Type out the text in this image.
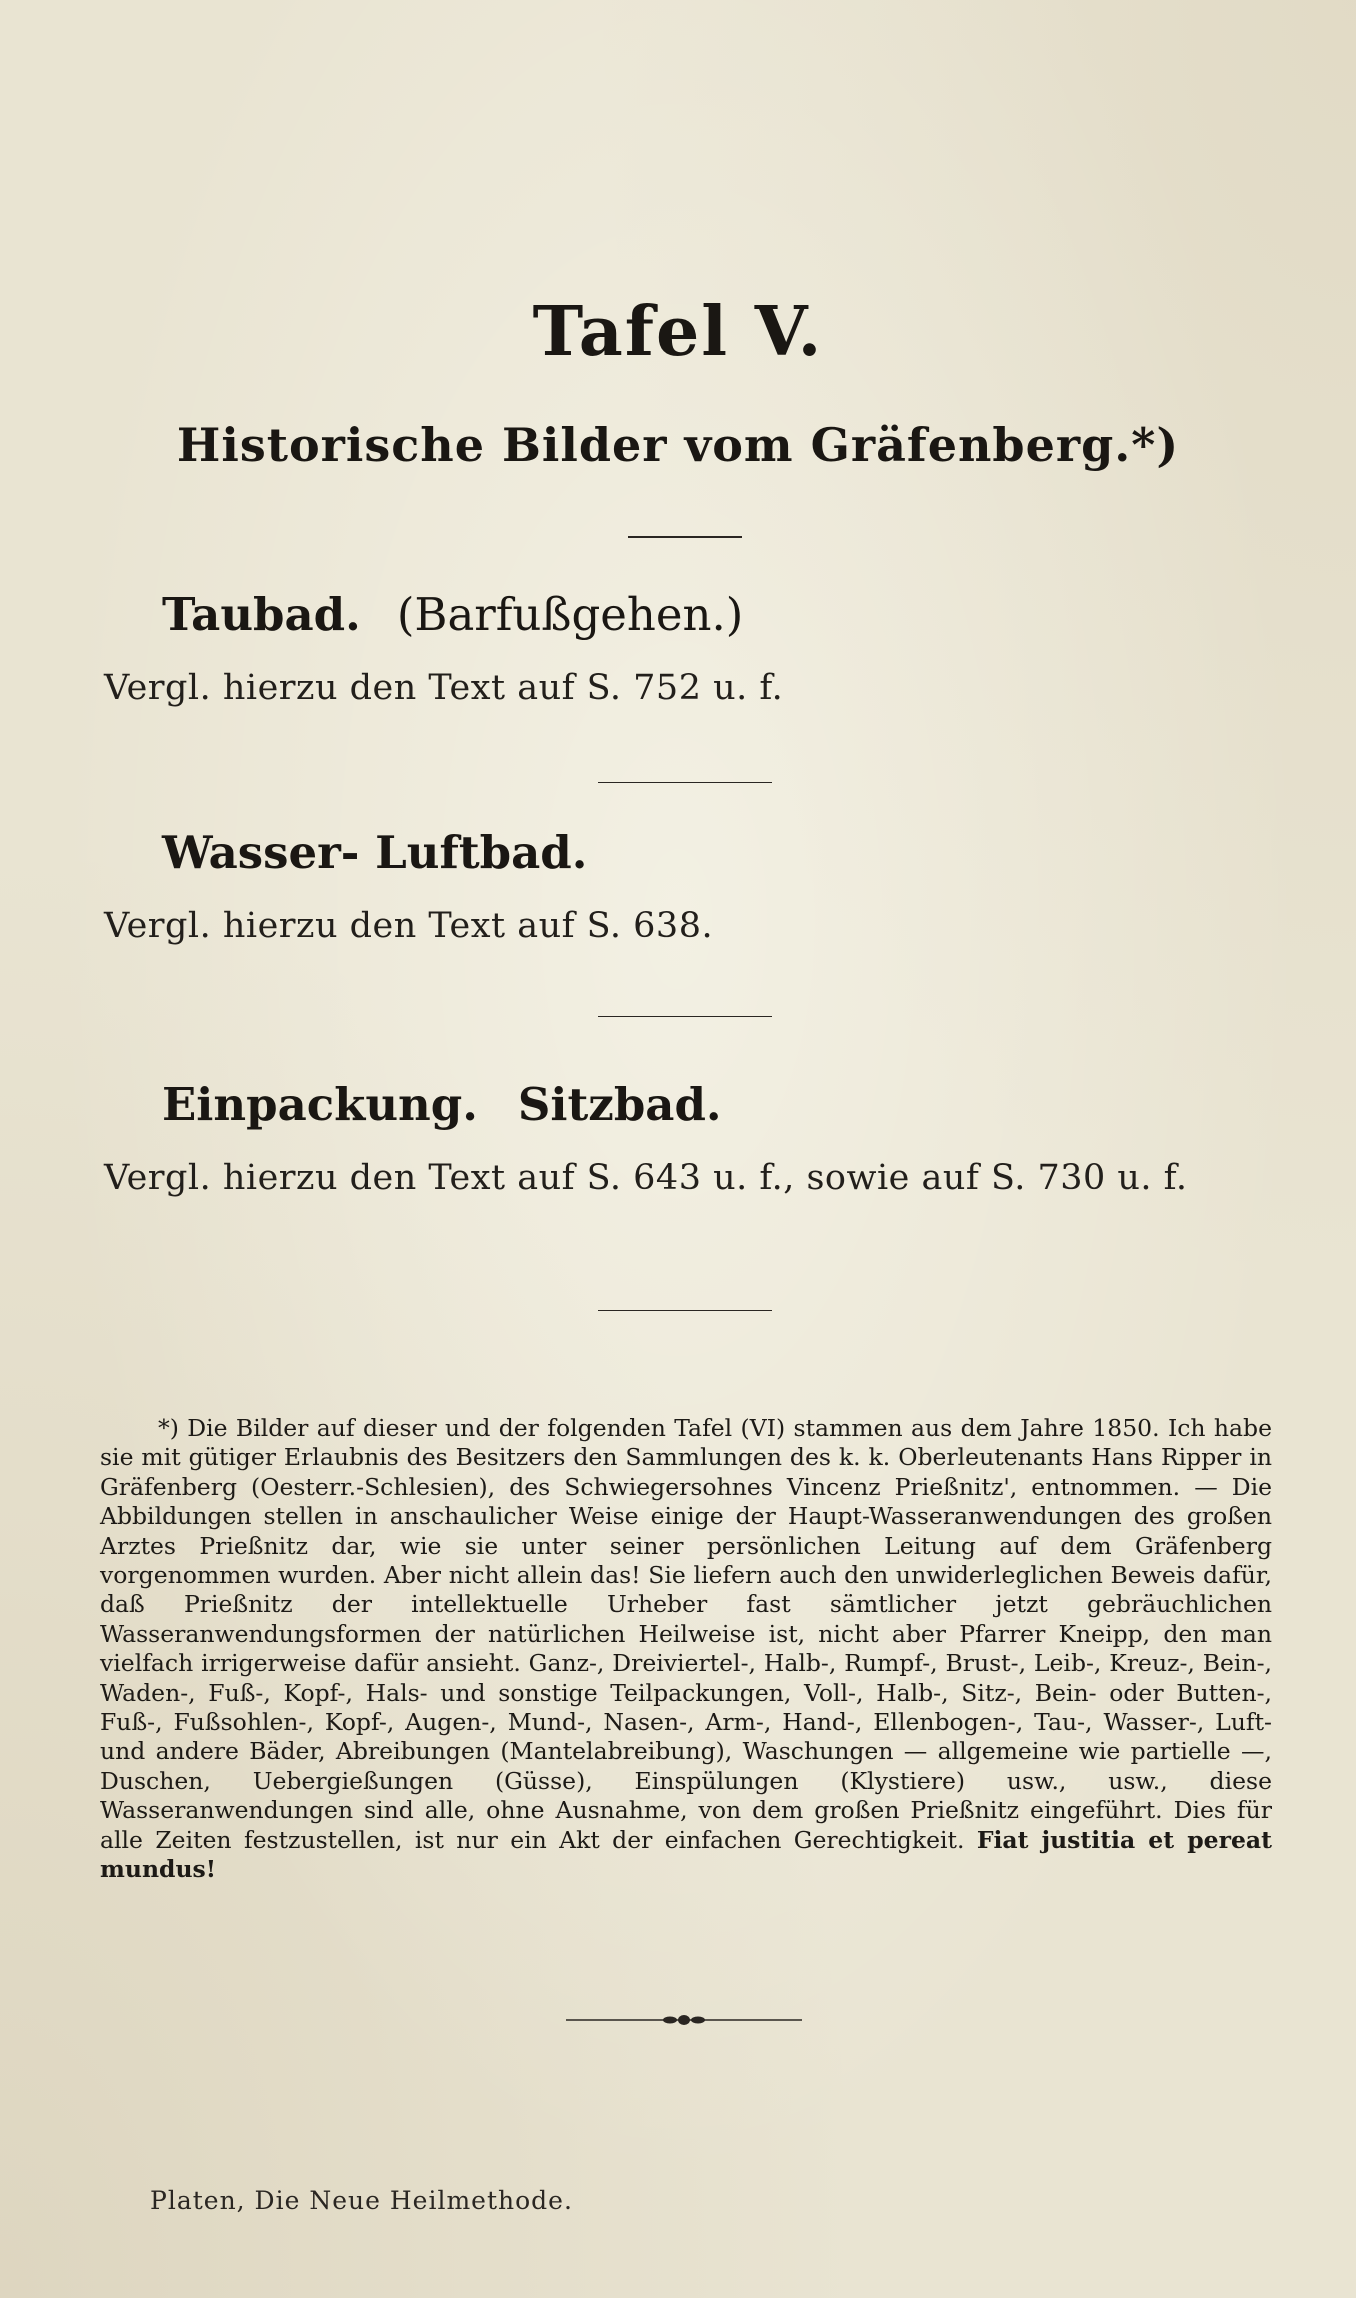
Tafel V.
Historische Bilder vom Gräfenberg.*)
Taubad. (Barfußgehen.)
Vergl. hierzu den Text auf S. 752 u. f.
Wasser- Luftbad.
Vergl. hierzu den Text auf S. 638.
Einpackung. Sitzbad.
Vergl. hierzu den Text auf S. 643 u. f., sowie auf S. 730 u. f.
*) Die Bilder auf dieser und der folgenden Tafel (VI) stammen aus dem Jahre 1850. Ich habe sie mit gütiger Erlaubnis des Besitzers den Sammlungen des k. k. Oberleutenants Hans Ripper in Gräfenberg (Oesterr.-Schlesien), des Schwiegersohnes Vincenz Prießnitz', entnommen. — Die Abbildungen stellen in anschaulicher Weise einige der Haupt-Wasseranwendungen des großen Arztes Prießnitz dar, wie sie unter seiner persönlichen Leitung auf dem Gräfenberg vorgenommen wurden. Aber nicht allein das! Sie liefern auch den unwiderleglichen Beweis dafür, daß Prießnitz der intellektuelle Urheber fast sämtlicher jetzt gebräuchlichen Wasseranwendungsformen der natürlichen Heilweise ist, nicht aber Pfarrer Kneipp, den man vielfach irrigerweise dafür ansieht. Ganz-, Dreiviertel-, Halb-, Rumpf-, Brust-, Leib-, Kreuz-, Bein-, Waden-, Fuß-, Kopf-, Hals- und sonstige Teilpackungen, Voll-, Halb-, Sitz-, Bein- oder Butten-, Fuß-, Fußsohlen-, Kopf-, Augen-, Mund-, Nasen-, Arm-, Hand-, Ellenbogen-, Tau-, Wasser-, Luft- und andere Bäder, Abreibungen (Mantelabreibung), Waschungen — allgemeine wie partielle —, Duschen, Uebergießungen (Güsse), Einspülungen (Klystiere) usw., usw., diese Wasseranwendungen sind alle, ohne Ausnahme, von dem großen Prießnitz eingeführt. Dies für alle Zeiten festzustellen, ist nur ein Akt der einfachen Gerechtigkeit. Fiat justitia et pereat mundus!
Platen, Die Neue Heilmethode.
